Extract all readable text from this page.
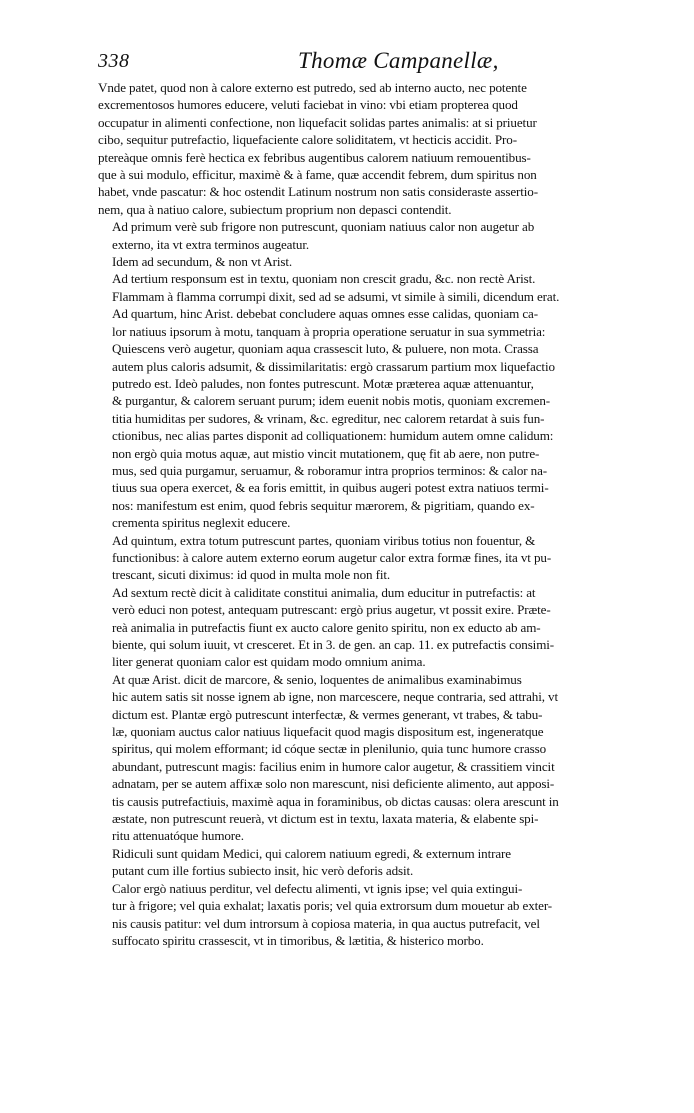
338	Thomæ Campanellæ,
Vnde patet, quod non à calore externo est putredo, sed ab interno aucto, nec potente
excrementosos humores educere, veluti faciebat in vino: vbi etiam propterea quod
occupatur in alimenti confectione, non liquefacit solidas partes animalis: at si priuetur
cibo, sequitur putrefactio, liquefaciente calore soliditatem, vt hecticis accidit. Pro-
ptereàque omnis ferè hectica ex febribus augentibus calorem natiuum remouentibus-
que à sui modulo, efficitur, maximè & à fame, quæ accendit febrem, dum spiritus non
habet, vnde pascatur: & hoc ostendit Latinum nostrum non satis consideraste assertio-
nem, qua à natiuo calore, subiectum proprium non depasci contendit.
Ad primum verè sub frigore non putrescunt, quoniam natiuus calor non augetur ab
externo, ita vt extra terminos augeatur.
Idem ad secundum, & non vt Arist.
Ad tertium responsum est in textu, quoniam non crescit gradu, &c. non rectè Arist.
Flammam à flamma corrumpi dixit, sed ad se adsumi, vt simile à simili, dicendum erat.
Ad quartum, hinc Arist. debebat concludere aquas omnes esse calidas, quoniam ca-
lor natiuus ipsorum à motu, tanquam à propria operatione seruatur in sua symmetria:
Quiescens verò augetur, quoniam aqua crassescit luto, & puluere, non mota. Crassa
autem plus caloris adsumit, & dissimilaritatis: ergò crassarum partium mox liquefactio
putredo est. Ideò paludes, non fontes putrescunt. Motæ præterea aquæ attenuantur,
& purgantur, & calorem seruant purum; idem euenit nobis motis, quoniam excremen-
titia humiditas per sudores, & vrinam, &c. egreditur, nec calorem retardat à suis fun-
ctionibus, nec alias partes disponit ad colliquationem: humidum autem omne calidum:
non ergò quia motus aquæ, aut mistio vincit mutationem, quę fit ab aere, non putre-
mus, sed quia purgamur, seruamur, & roboramur intra proprios terminos: & calor na-
tiuus sua opera exercet, & ea foris emittit, in quibus augeri potest extra natiuos termi-
nos: manifestum est enim, quod febris sequitur mærorem, & pigritiam, quando ex-
crementa spiritus neglexit educere.
Ad quintum, extra totum putrescunt partes, quoniam viribus totius non fouentur, &
functionibus: à calore autem externo eorum augetur calor extra formæ fines, ita vt pu-
trescant, sicuti diximus: id quod in multa mole non fit.
Ad sextum rectè dicit à caliditate constitui animalia, dum educitur in putrefactis: at
verò educi non potest, antequam putrescant: ergò prius augetur, vt possit exire. Præte-
reà animalia in putrefactis fiunt ex aucto calore genito spiritu, non ex educto ab am-
biente, qui solum iuuit, vt cresceret. Et in 3. de gen. an cap. 11. ex putrefactis consimi-
liter generat quoniam calor est quidam modo omnium anima.
At quæ Arist. dicit de marcore, & senio, loquentes de animalibus examinabimus
hic autem satis sit nosse ignem ab igne, non marcescere, neque contraria, sed attrahi, vt
dictum est. Plantæ ergò putrescunt interfectæ, & vermes generant, vt trabes, & tabu-
læ, quoniam auctus calor natiuus liquefacit quod magis dispositum est, ingeneratque
spiritus, qui molem efformant; id cóque sectæ in plenilunio, quia tunc humore crasso
abundant, putrescunt magis: facilius enim in humore calor augetur, & crassitiem vincit
adnatam, per se autem affixæ solo non marescunt, nisi deficiente alimento, aut apposi-
tis causis putrefactiuis, maximè aqua in foraminibus, ob dictas causas: olera arescunt in
æstate, non putrescunt reuerà, vt dictum est in textu, laxata materia, & elabente spi-
ritu attenuatóque humore.
Ridiculi sunt quidam Medici, qui calorem natiuum egredi, & externum intrare
putant cum ille fortius subiecto insit, hic verò deforis adsit.
Calor ergò natiuus perditur, vel defectu alimenti, vt ignis ipse; vel quia extingui-
tur à frigore; vel quia exhalat; laxatis poris; vel quia extrorsum dum mouetur ab exter-
nis causis patitur: vel dum introrsum à copiosa materia, in qua auctus putrefacit, vel
suffocato spiritu crassescit, vt in timoribus, & lætitia, & histerico morbo.
